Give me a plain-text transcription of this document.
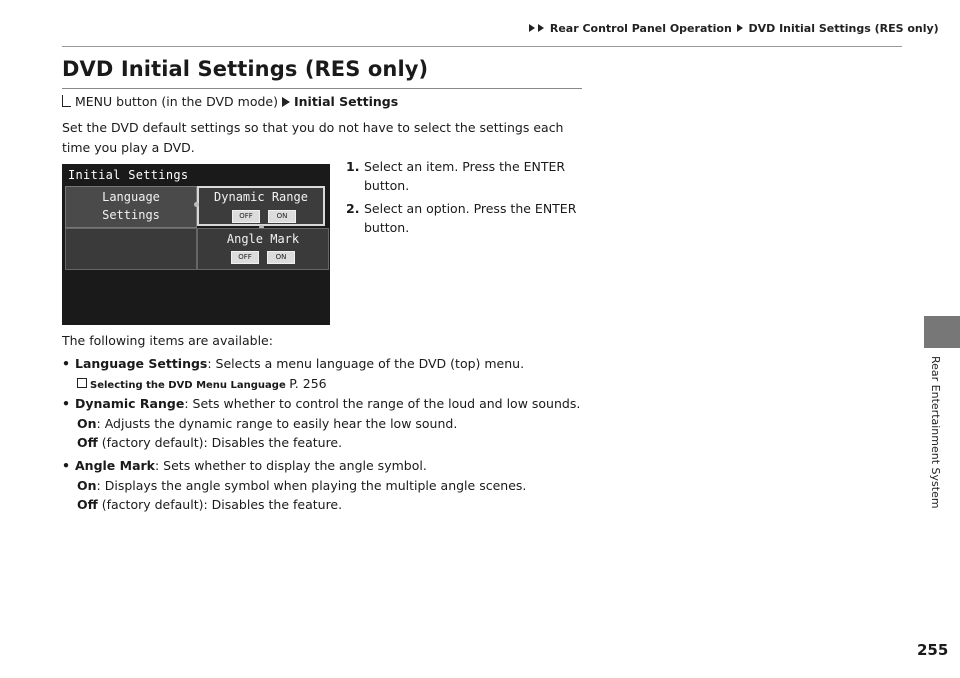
Rear Control Panel Operation DVD Initial Settings (RES only)
DVD Initial Settings (RES only)
MENU button (in the DVD mode) Initial Settings
Set the DVD default settings so that you do not have to select the settings each time you play a DVD.
Initial Settings
Language
Settings
Dynamic Range
OFF	ON
Angle Mark
OFF	ON
1. Select an item. Press the ENTER button.
2. Select an option. Press the ENTER button.
The following items are available:
• Language Settings: Selects a menu language of the DVD (top) menu.
Selecting the DVD Menu Language P. 256
• Dynamic Range: Sets whether to control the range of the loud and low sounds.
On: Adjusts the dynamic range to easily hear the low sound.
Off (factory default): Disables the feature.
• Angle Mark: Sets whether to display the angle symbol.
On: Displays the angle symbol when playing the multiple angle scenes.
Off (factory default): Disables the feature.	Rear Entertainment System
255
